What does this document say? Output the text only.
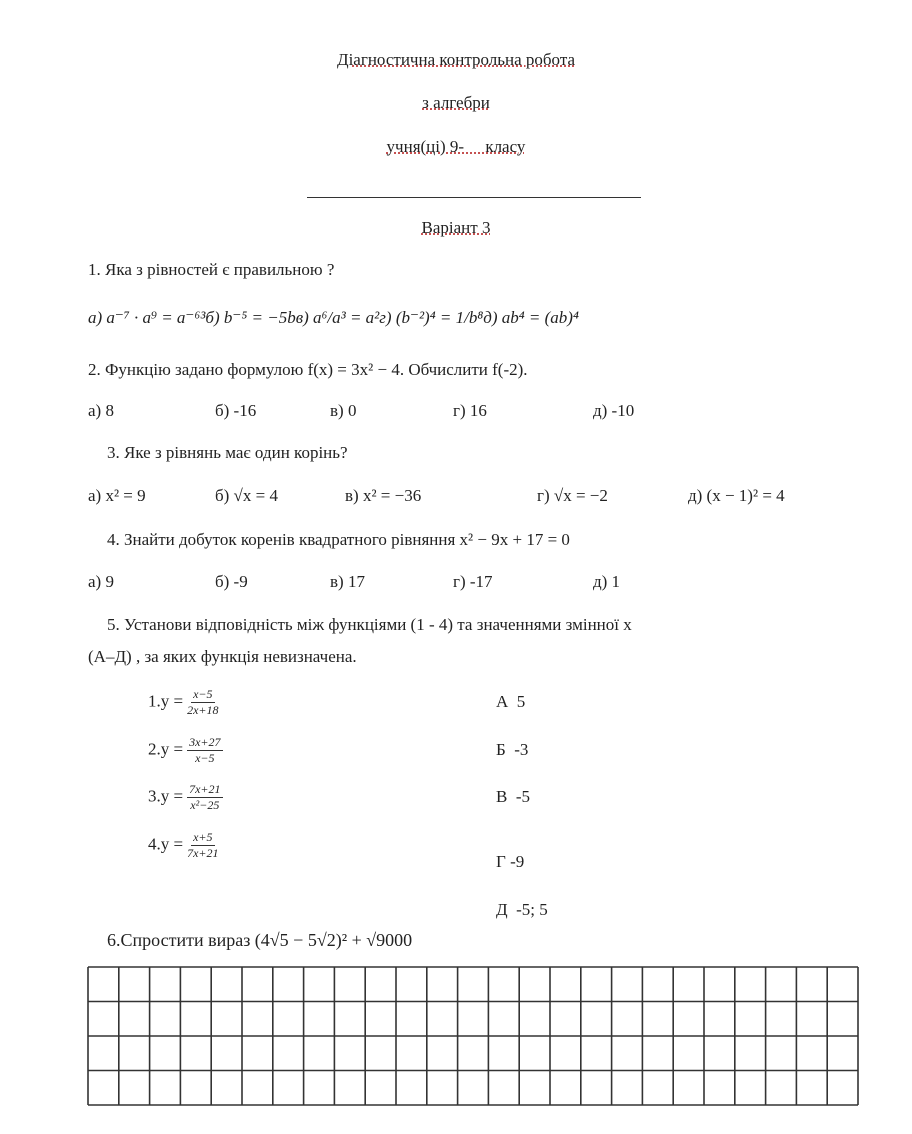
Діагностична контрольна робота
з алгебри
учня(ці) 9-     класу
Варіант 3
1. Яка з рівностей є правильною ?
а) a⁻⁷ · a⁹ = a⁻⁶³б) b⁻⁵ = −5bв) a⁶/a³ = a²г) (b⁻²)⁴ = 1/b⁸д) ab⁴ = (ab)⁴
2. Функцію задано формулою f(x) = 3x² − 4. Обчислити f(-2).
а) 8	б) -16	в) 0	г) 16	д) -10
3. Яке з рівнянь має один корінь?
а) x² = 9	б) √x = 4	в) x² = −36	г) √x = −2	д) (x − 1)² = 4
4. Знайти добуток коренів квадратного рівняння x² − 9x + 17 = 0
а) 9	б) -9	в) 17	г) -17	д) 1
5. Установи відповідність між функціями (1 - 4) та значеннями змінної х
(А–Д) , за яких функція невизначена.
$1.y = \frac{x-5}{2x+18}$
$2.y = \frac{3x+27}{x-5}$
$3.y = \frac{7x+21}{\text{x²−25}}$
$4.y = \frac{x+5}{7x+21}$
А  5
Б  -3
В  -5
Г -9
Д  -5; 5
6.Спростити вираз (4√5 − 5√2)² + √9000
